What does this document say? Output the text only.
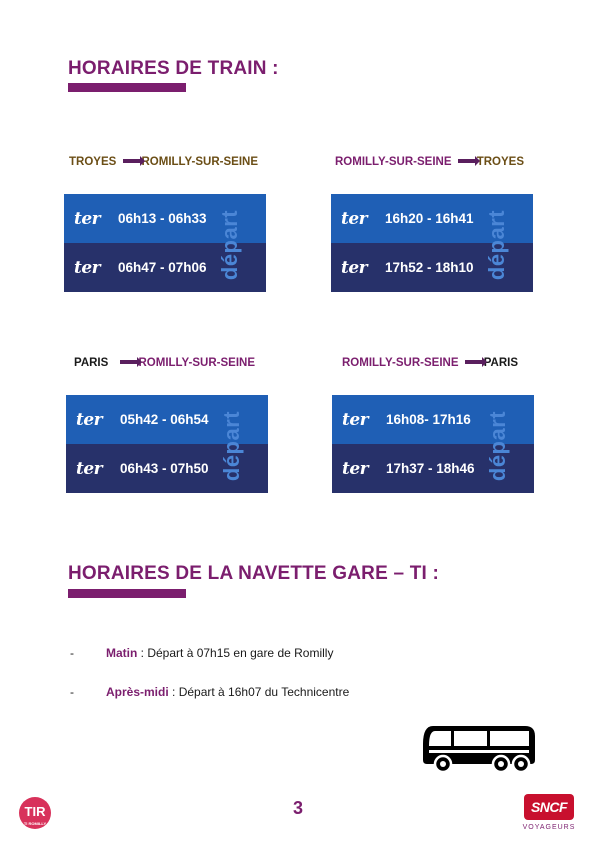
HORAIRES DE TRAIN :
TROYES ROMILLY-SUR-SEINE
ter	06h13 - 06h33
ter	06h47 - 07h06 départ
ROMILLY-SUR-SEINE TROYES
ter	16h20 - 16h41
ter	17h52 - 18h10 départ
PARIS	ROMILLY-SUR-SEINE
ter	05h42 - 06h54
ter	06h43 - 07h50 départ
ROMILLY-SUR-SEINE PARIS
ter	16h08- 17h16
ter	17h37 - 18h46 départ
HORAIRES DE LA NAVETTE GARE – TI :
-	Matin : Départ à 07h15 en gare de Romilly
-	Après-midi : Départ à 16h07 du Technicentre
TIR
TI ROMILLY
3	SNCF
VOYAGEURS
